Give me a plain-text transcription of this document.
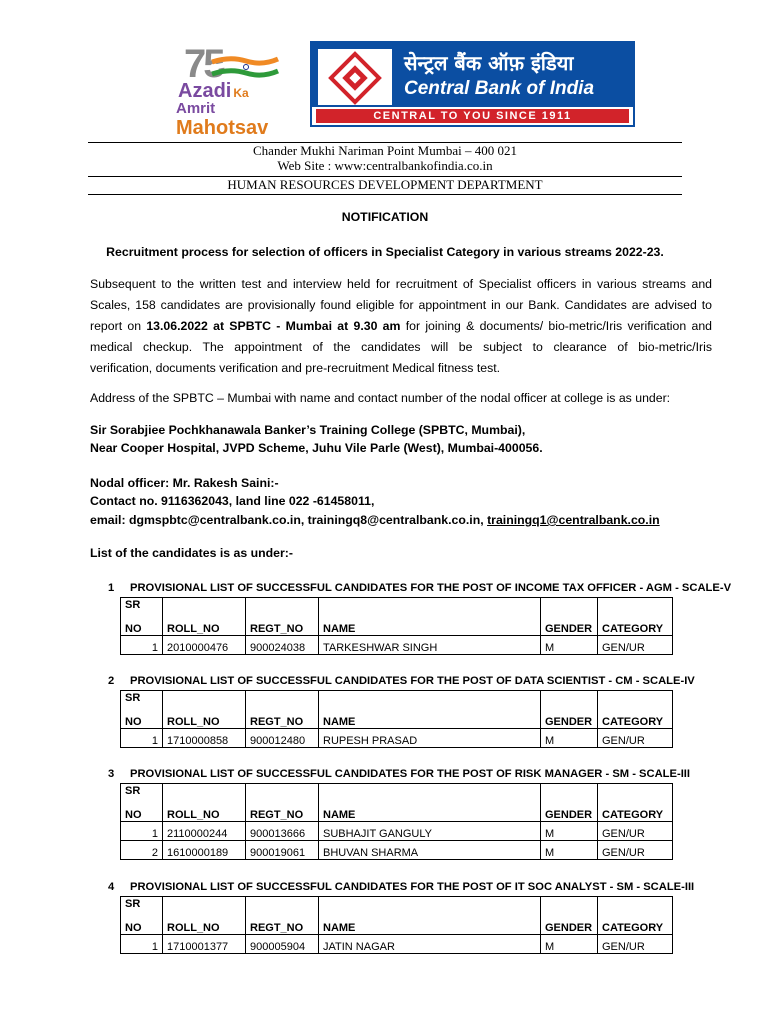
75
Azadi Ka
Amrit Mahotsav
सेन्ट्रल बैंक ऑफ़ इंडिया
Central Bank of India
CENTRAL TO YOU SINCE 1911
Chander Mukhi Nariman Point Mumbai – 400 021
Web Site : www:centralbankofindia.co.in
HUMAN RESOURCES DEVELOPMENT DEPARTMENT
NOTIFICATION
Recruitment process for selection of officers in Specialist Category in various streams 2022-23.
Subsequent to the written test and interview held for recruitment of Specialist officers in various streams and
Scales, 158 candidates are provisionally found eligible for appointment in our Bank. Candidates are advised to
report on 13.06.2022 at SPBTC - Mumbai at 9.30 am for joining & documents/ bio-metric/Iris verification and
medical checkup. The appointment of the candidates will be subject to clearance of bio-metric/Iris
verification, documents verification and pre-recruitment Medical fitness test.
Address of the SPBTC – Mumbai with name and contact number of the nodal officer at college is as under:
Sir Sorabjiee Pochkhanawala Banker’s Training College (SPBTC, Mumbai),
Near Cooper Hospital, JVPD Scheme, Juhu Vile Parle (West), Mumbai-400056.
Nodal officer: Mr. Rakesh Saini:-
Contact no. 9116362043, land line 022 -61458011,
email: dgmspbtc@centralbank.co.in, trainingq8@centralbank.co.in, trainingq1@centralbank.co.in
List of the candidates is as under:-
1 PROVISIONAL LIST OF SUCCESSFUL CANDIDATES FOR THE POST OF INCOME TAX OFFICER - AGM - SCALE-V
SR					
NO	ROLL_NO	REGT_NO	NAME	GENDER	CATEGORY
1	2010000476	900024038	TARKESHWAR SINGH	M	GEN/UR
2 PROVISIONAL LIST OF SUCCESSFUL CANDIDATES FOR THE POST OF DATA SCIENTIST - CM - SCALE-IV
SR					
NO	ROLL_NO	REGT_NO	NAME	GENDER	CATEGORY
1	1710000858	900012480	RUPESH PRASAD	M	GEN/UR
3 PROVISIONAL LIST OF SUCCESSFUL CANDIDATES FOR THE POST OF RISK MANAGER - SM - SCALE-III
SR					
NO	ROLL_NO	REGT_NO	NAME	GENDER	CATEGORY
1	2110000244	900013666	SUBHAJIT GANGULY	M	GEN/UR
2	1610000189	900019061	BHUVAN SHARMA	M	GEN/UR
4 PROVISIONAL LIST OF SUCCESSFUL CANDIDATES FOR THE POST OF IT SOC ANALYST - SM - SCALE-III
SR					
NO	ROLL_NO	REGT_NO	NAME	GENDER	CATEGORY
1	1710001377	900005904	JATIN NAGAR	M	GEN/UR
